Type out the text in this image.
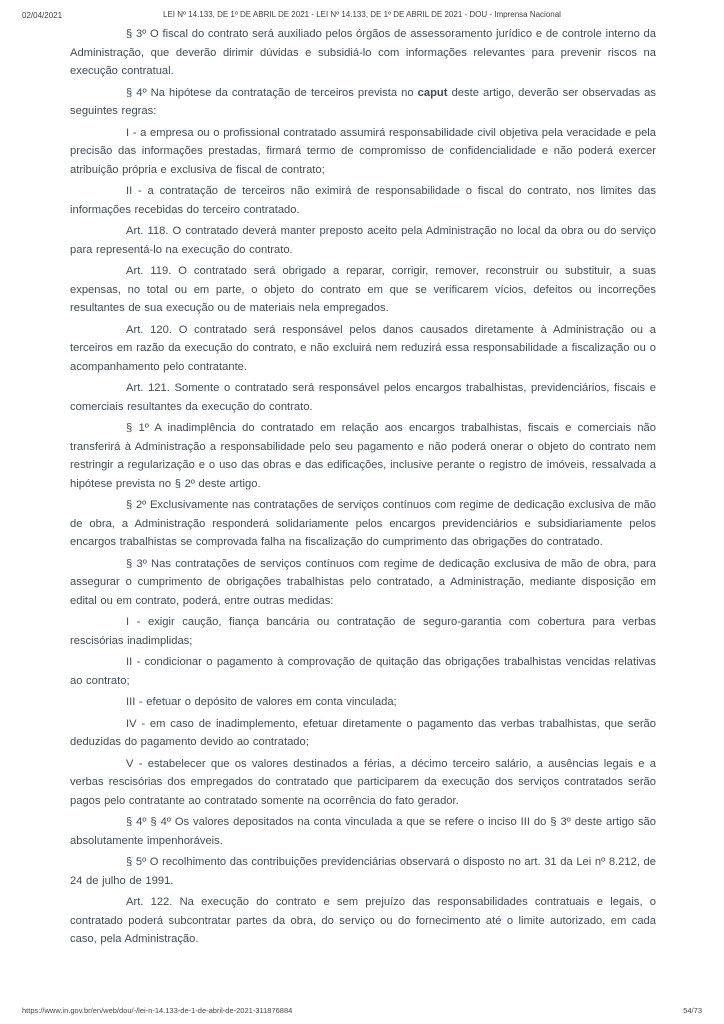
02/04/2021	LEI Nº 14.133, DE 1º DE ABRIL DE 2021 - LEI Nº 14.133, DE 1º DE ABRIL DE 2021 - DOU - Imprensa Nacional

§ 3º O fiscal do contrato será auxiliado pelos órgãos de assessoramento jurídico e de controle interno da Administração, que deverão dirimir dúvidas e subsidiá-lo com informações relevantes para prevenir riscos na execução contratual.

§ 4º Na hipótese da contratação de terceiros prevista no caput deste artigo, deverão ser observadas as seguintes regras:

I - a empresa ou o profissional contratado assumirá responsabilidade civil objetiva pela veracidade e pela precisão das informações prestadas, firmará termo de compromisso de confidencialidade e não poderá exercer atribuição própria e exclusiva de fiscal de contrato;

II - a contratação de terceiros não eximirá de responsabilidade o fiscal do contrato, nos limites das informações recebidas do terceiro contratado.

Art. 118. O contratado deverá manter preposto aceito pela Administração no local da obra ou do serviço para representá-lo na execução do contrato.

Art. 119. O contratado será obrigado a reparar, corrigir, remover, reconstruir ou substituir, a suas expensas, no total ou em parte, o objeto do contrato em que se verificarem vícios, defeitos ou incorreções resultantes de sua execução ou de materiais nela empregados.

Art. 120. O contratado será responsável pelos danos causados diretamente à Administração ou a terceiros em razão da execução do contrato, e não excluirá nem reduzirá essa responsabilidade a fiscalização ou o acompanhamento pelo contratante.

Art. 121. Somente o contratado será responsável pelos encargos trabalhistas, previdenciários, fiscais e comerciais resultantes da execução do contrato.

§ 1º A inadimplência do contratado em relação aos encargos trabalhistas, fiscais e comerciais não transferirá à Administração a responsabilidade pelo seu pagamento e não poderá onerar o objeto do contrato nem restringir a regularização e o uso das obras e das edificações, inclusive perante o registro de imóveis, ressalvada a hipótese prevista no § 2º deste artigo.

§ 2º Exclusivamente nas contratações de serviços contínuos com regime de dedicação exclusiva de mão de obra, a Administração responderá solidariamente pelos encargos previdenciários e subsidiariamente pelos encargos trabalhistas se comprovada falha na fiscalização do cumprimento das obrigações do contratado.

§ 3º Nas contratações de serviços contínuos com regime de dedicação exclusiva de mão de obra, para assegurar o cumprimento de obrigações trabalhistas pelo contratado, a Administração, mediante disposição em edital ou em contrato, poderá, entre outras medidas:

I - exigir caução, fiança bancária ou contratação de seguro-garantia com cobertura para verbas rescisórias inadimplidas;

II - condicionar o pagamento à comprovação de quitação das obrigações trabalhistas vencidas relativas ao contrato;

III - efetuar o depósito de valores em conta vinculada;

IV - em caso de inadimplemento, efetuar diretamente o pagamento das verbas trabalhistas, que serão deduzidas do pagamento devido ao contratado;

V - estabelecer que os valores destinados a férias, a décimo terceiro salário, a ausências legais e a verbas rescisórias dos empregados do contratado que participarem da execução dos serviços contratados serão pagos pelo contratante ao contratado somente na ocorrência do fato gerador.

§ 4º § 4º Os valores depositados na conta vinculada a que se refere o inciso III do § 3º deste artigo são absolutamente impenhoráveis.

§ 5º O recolhimento das contribuições previdenciárias observará o disposto no art. 31 da Lei nº 8.212, de 24 de julho de 1991.

Art. 122. Na execução do contrato e sem prejuízo das responsabilidades contratuais e legais, o contratado poderá subcontratar partes da obra, do serviço ou do fornecimento até o limite autorizado, em cada caso, pela Administração.

https://www.in.gov.br/en/web/dou/-/lei-n-14.133-de-1-de-abril-de-2021-311876884	54/73
